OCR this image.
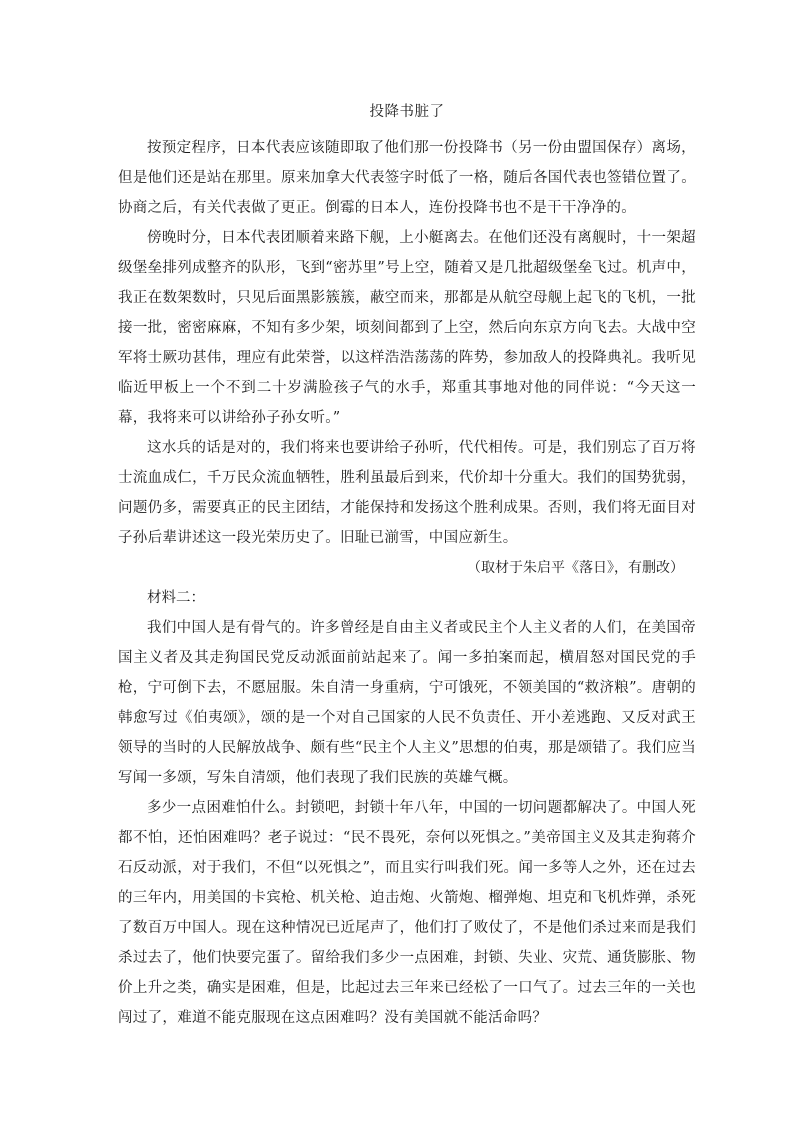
投降书脏了

按预定程序，日本代表应该随即取了他们那一份投降书（另一份由盟国保存）离场，但是他们还是站在那里。原来加拿大代表签字时低了一格，随后各国代表也签错位置了。协商之后，有关代表做了更正。倒霉的日本人，连份投降书也不是干干净净的。

傍晚时分，日本代表团顺着来路下舰，上小艇离去。在他们还没有离舰时，十一架超级堡垒排列成整齐的队形，飞到“密苏里”号上空，随着又是几批超级堡垒飞过。机声中，我正在数架数时，只见后面黑影簇簇，蔽空而来，那都是从航空母舰上起飞的飞机，一批接一批，密密麻麻，不知有多少架，顷刻间都到了上空，然后向东京方向飞去。大战中空军将士厥功甚伟，理应有此荣誉，以这样浩浩荡荡的阵势，参加敌人的投降典礼。我听见临近甲板上一个不到二十岁满脸孩子气的水手，郑重其事地对他的同伴说：“今天这一幕，我将来可以讲给孙子孙女听。”

这水兵的话是对的，我们将来也要讲给子孙听，代代相传。可是，我们别忘了百万将士流血成仁，千万民众流血牺牲，胜利虽最后到来，代价却十分重大。我们的国势犹弱，问题仍多，需要真正的民主团结，才能保持和发扬这个胜利成果。否则，我们将无面目对子孙后辈讲述这一段光荣历史了。旧耻已湔雪，中国应新生。

（取材于朱启平《落日》，有删改）

材料二：

我们中国人是有骨气的。许多曾经是自由主义者或民主个人主义者的人们，在美国帝国主义者及其走狗国民党反动派面前站起来了。闻一多拍案而起，横眉怒对国民党的手枪，宁可倒下去，不愿屈服。朱自清一身重病，宁可饿死，不领美国的“救济粮”。唐朝的韩愈写过《伯夷颂》，颂的是一个对自己国家的人民不负责任、开小差逃跑、又反对武王领导的当时的人民解放战争、颇有些“民主个人主义”思想的伯夷，那是颂错了。我们应当写闻一多颂，写朱自清颂，他们表现了我们民族的英雄气概。

多少一点困难怕什么。封锁吧，封锁十年八年，中国的一切问题都解决了。中国人死都不怕，还怕困难吗？老子说过：“民不畏死，奈何以死惧之。”美帝国主义及其走狗蒋介石反动派，对于我们，不但“以死惧之”，而且实行叫我们死。闻一多等人之外，还在过去的三年内，用美国的卡宾枪、机关枪、迫击炮、火箭炮、榴弹炮、坦克和飞机炸弹，杀死了数百万中国人。现在这种情况已近尾声了，他们打了败仗了，不是他们杀过来而是我们杀过去了，他们快要完蛋了。留给我们多少一点困难，封锁、失业、灾荒、通货膨胀、物价上升之类，确实是困难，但是，比起过去三年来已经松了一口气了。过去三年的一关也闯过了，难道不能克服现在这点困难吗？没有美国就不能活命吗？
